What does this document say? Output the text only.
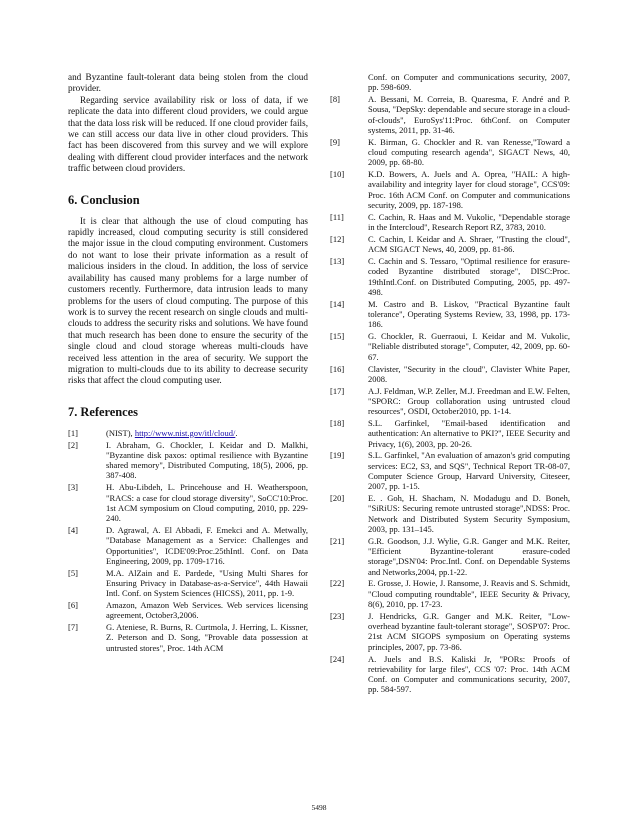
and Byzantine fault-tolerant data being stolen from the cloud provider.

Regarding service availability risk or loss of data, if we replicate the data into different cloud providers, we could argue that the data loss risk will be reduced. If one cloud provider fails, we can still access our data live in other cloud providers. This fact has been discovered from this survey and we will explore dealing with different cloud provider interfaces and the network traffic between cloud providers.

6. Conclusion

It is clear that although the use of cloud computing has rapidly increased, cloud computing security is still considered the major issue in the cloud computing environment. Customers do not want to lose their private information as a result of malicious insiders in the cloud. In addition, the loss of service availability has caused many problems for a large number of customers recently. Furthermore, data intrusion leads to many problems for the users of cloud computing. The purpose of this work is to survey the recent research on single clouds and multi-clouds to address the security risks and solutions. We have found that much research has been done to ensure the security of the single cloud and cloud storage whereas multi-clouds have received less attention in the area of security. We support the migration to multi-clouds due to its ability to decrease security risks that affect the cloud computing user.

7. References
[1]	(NIST), http://www.nist.gov/itl/cloud/.
[2]	I. Abraham, G. Chockler, I. Keidar and D. Malkhi, "Byzantine disk paxos: optimal resilience with Byzantine shared memory", Distributed Computing, 18(5), 2006, pp. 387-408.
[3]	H. Abu-Libdeh, L. Princehouse and H. Weatherspoon, "RACS: a case for cloud storage diversity", SoCC'10:Proc. 1st ACM symposium on Cloud computing, 2010, pp. 229-240.
[4]	D. Agrawal, A. El Abbadi, F. Emekci and A. Metwally, "Database Management as a Service: Challenges and Opportunities", ICDE'09:Proc.25thIntl. Conf. on Data Engineering, 2009, pp. 1709-1716.
[5]	M.A. AlZain and E. Pardede, "Using Multi Shares for Ensuring Privacy in Database-as-a-Service", 44th Hawaii Intl. Conf. on System Sciences (HICSS), 2011, pp. 1-9.
[6]	Amazon, Amazon Web Services. Web services licensing agreement, October3,2006.
[7]	G. Ateniese, R. Burns, R. Curtmola, J. Herring, L. Kissner, Z. Peterson and D. Song, "Provable data possession at untrusted stores", Proc. 14th ACM
Conf. on Computer and communications security, 2007, pp. 598-609.
[8]	A. Bessani, M. Correia, B. Quaresma, F. André and P. Sousa, "DepSky: dependable and secure storage in a cloud-of-clouds", EuroSys'11:Proc. 6thConf. on Computer systems, 2011, pp. 31-46.
[9]	K. Birman, G. Chockler and R. van Renesse,"Toward a cloud computing research agenda", SIGACT News, 40, 2009, pp. 68-80.
[10]	K.D. Bowers, A. Juels and A. Oprea, "HAIL: A high-availability and integrity layer for cloud storage", CCS'09: Proc. 16th ACM Conf. on Computer and communications security, 2009, pp. 187-198.
[11]	C. Cachin, R. Haas and M. Vukolic, "Dependable storage in the Intercloud", Research Report RZ, 3783, 2010.
[12]	C. Cachin, I. Keidar and A. Shraer, "Trusting the cloud", ACM SIGACT News, 40, 2009, pp. 81-86.
[13]	C. Cachin and S. Tessaro, "Optimal resilience for erasure-coded Byzantine distributed storage", DISC:Proc. 19thIntl.Conf. on Distributed Computing, 2005, pp. 497-498.
[14]	M. Castro and B. Liskov, "Practical Byzantine fault tolerance", Operating Systems Review, 33, 1998, pp. 173-186.
[15]	G. Chockler, R. Guerraoui, I. Keidar and M. Vukolic, "Reliable distributed storage", Computer, 42, 2009, pp. 60-67.
[16]	Clavister, "Security in the cloud", Clavister White Paper, 2008.
[17]	A.J. Feldman, W.P. Zeller, M.J. Freedman and E.W. Felten, "SPORC: Group collaboration using untrusted cloud resources", OSDI, October2010, pp. 1-14.
[18]	S.L. Garfinkel, "Email-based identification and authentication: An alternative to PKI?", IEEE Security and Privacy, 1(6), 2003, pp. 20-26.
[19]	S.L. Garfinkel, "An evaluation of amazon's grid computing services: EC2, S3, and SQS", Technical Report TR-08-07, Computer Science Group, Harvard University, Citeseer, 2007, pp. 1-15.
[20]	E. . Goh, H. Shacham, N. Modadugu and D. Boneh, "SiRiUS: Securing remote untrusted storage",NDSS: Proc. Network and Distributed System Security Symposium, 2003, pp. 131–145.
[21]	G.R. Goodson, J.J. Wylie, G.R. Ganger and M.K. Reiter, "Efficient Byzantine-tolerant erasure-coded storage",DSN'04: Proc.Intl. Conf. on Dependable Systems and Networks,2004, pp.1-22.
[22]	E. Grosse, J. Howie, J. Ransome, J. Reavis and S. Schmidt, "Cloud computing roundtable", IEEE Security & Privacy, 8(6), 2010, pp. 17-23.
[23]	J. Hendricks, G.R. Ganger and M.K. Reiter, "Low-overhead byzantine fault-tolerant storage", SOSP'07: Proc. 21st ACM SIGOPS symposium on Operating systems principles, 2007, pp. 73-86.
[24]	A. Juels and B.S. Kaliski Jr, "PORs: Proofs of retrievability for large files", CCS '07: Proc. 14th ACM Conf. on Computer and communications security, 2007, pp. 584-597.
5498
